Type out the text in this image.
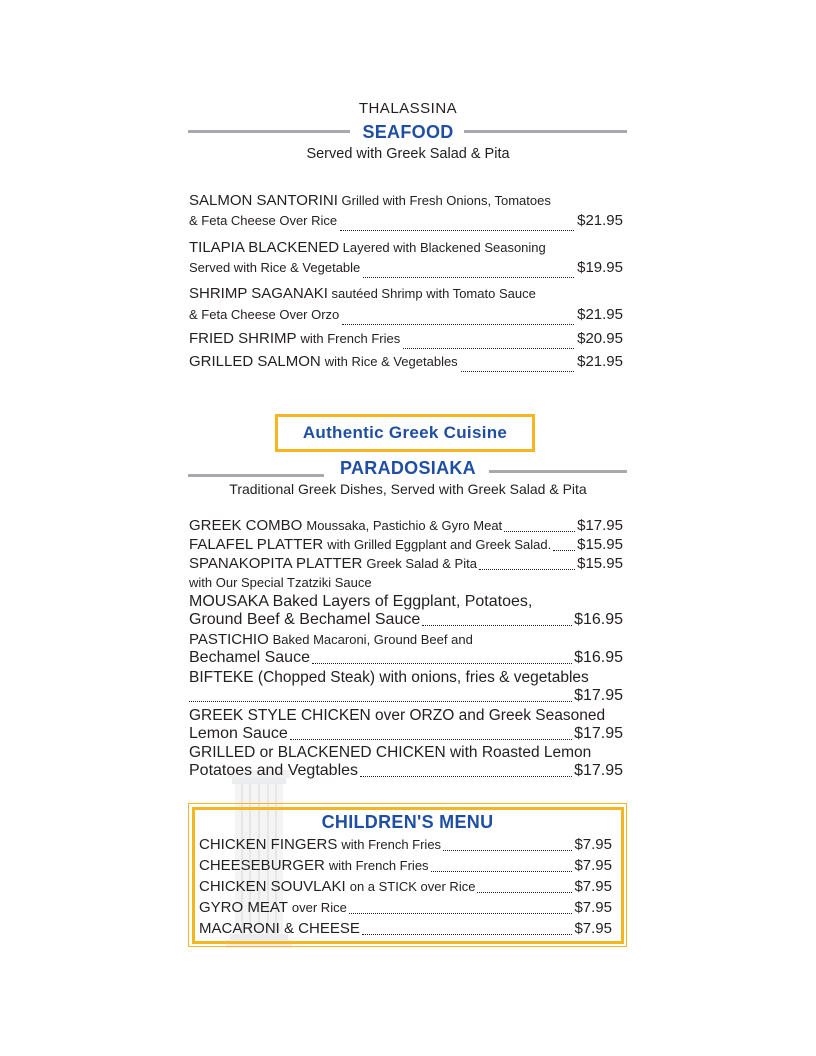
THALASSINA
SEAFOOD
Served with Greek Salad & Pita
SALMON SANTORINI Grilled with Fresh Onions, Tomatoes
& Feta Cheese Over Rice	$21.95
TILAPIA BLACKENED Layered with Blackened Seasoning
Served with Rice & Vegetable	$19.95
SHRIMP SAGANAKI sautéed Shrimp with Tomato Sauce
& Feta Cheese Over Orzo	$21.95
FRIED SHRIMP with French Fries	$20.95
GRILLED SALMON with Rice & Vegetables	$21.95
Authentic Greek Cuisine
PARADOSIAKA
Traditional Greek Dishes, Served with Greek Salad & Pita
GREEK COMBO Moussaka, Pastichio & Gyro Meat	$17.95
FALAFEL PLATTER with Grilled Eggplant and Greek Salad. $15.95
SPANAKOPITA PLATTER Greek Salad & Pita	$15.95
with Our Special Tzatziki Sauce
MOUSAKA Baked Layers of Eggplant, Potatoes,
Ground Beef & Bechamel Sauce	$16.95
PASTICHIO Baked Macaroni, Ground Beef and
Bechamel Sauce	$16.95
BIFTEKE (Chopped Steak) with onions, fries & vegetables
$17.95
GREEK STYLE CHICKEN over ORZO and Greek Seasoned
Lemon Sauce	$17.95
GRILLED or BLACKENED CHICKEN with Roasted Lemon
Potatoes and Vegtables	$17.95
CHILDREN'S MENU
CHICKEN FINGERS with French Fries	$7.95
CHEESEBURGER with French Fries	$7.95
CHICKEN SOUVLAKI on a STICK over Rice	$7.95
GYRO MEAT over Rice	$7.95
MACARONI & CHEESE	$7.95
